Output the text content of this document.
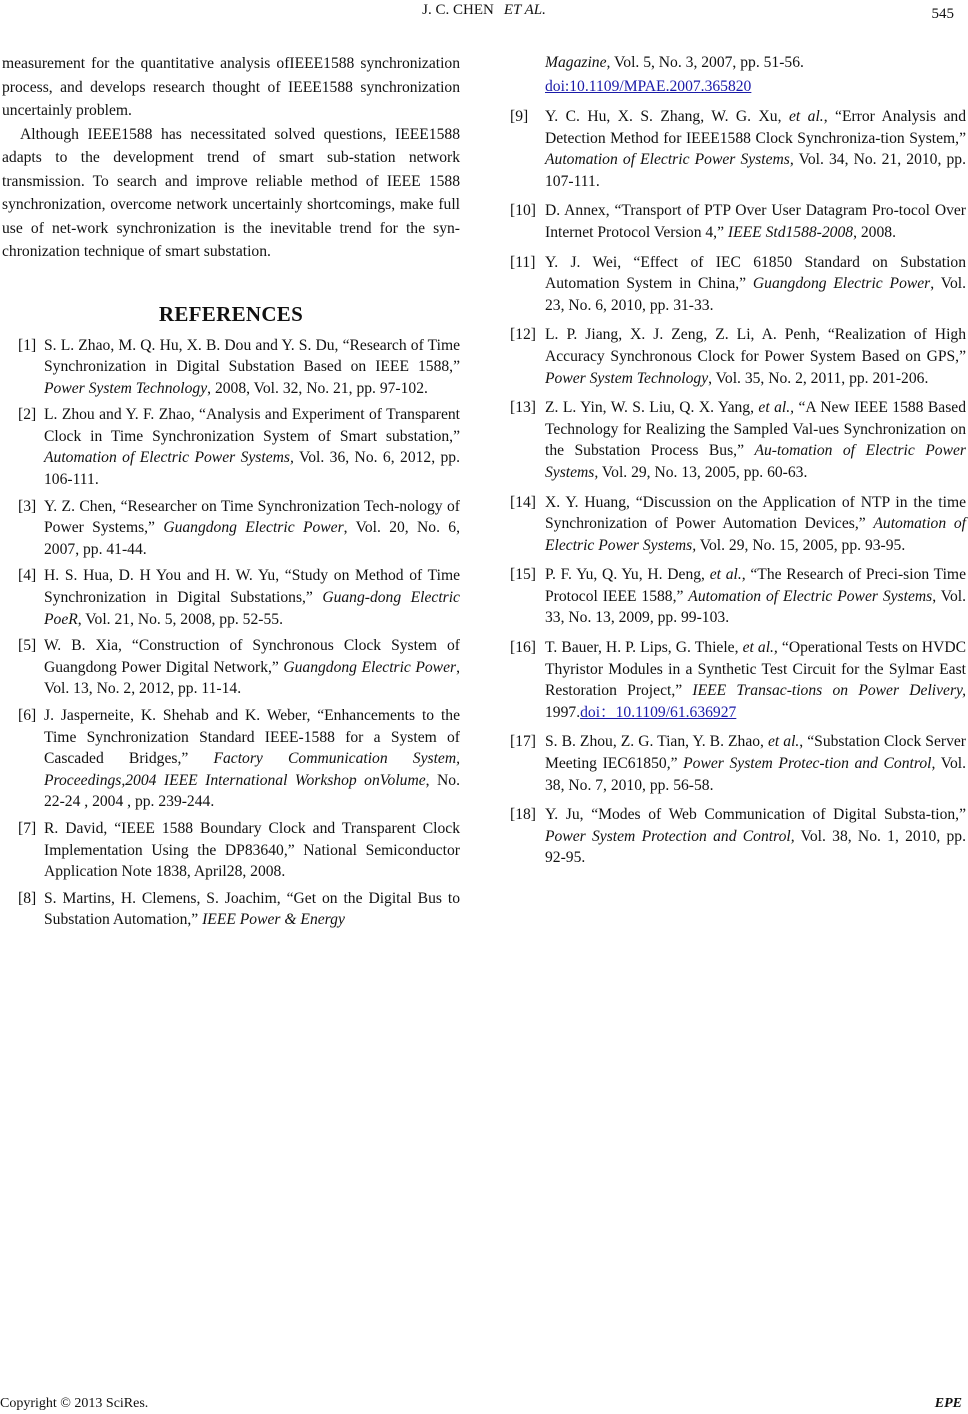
J. C. CHEN ET AL.	545

measurement for the quantitative analysis ofIEEE1588 synchronization process, and develops research thought of IEEE1588 synchronization uncertainly problem.

Although IEEE1588 has necessitated solved questions, IEEE1588 adapts to the development trend of smart sub-station network transmission. To search and improve reliable method of IEEE 1588 synchronization, overcome network uncertainly shortcomings, make full use of net-work synchronization is the inevitable trend for the syn-chronization technique of smart substation.

REFERENCES
[1] S. L. Zhao, M. Q. Hu, X. B. Dou and Y. S. Du, “Research of Time Synchronization in Digital Substation Based on IEEE 1588,” Power System Technology, 2008, Vol. 32, No. 21, pp. 97-102.
[2] L. Zhou and Y. F. Zhao, “Analysis and Experiment of Transparent Clock in Time Synchronization System of Smart substation,” Automation of Electric Power Systems, Vol. 36, No. 6, 2012, pp. 106-111.
[3] Y. Z. Chen, “Researcher on Time Synchronization Tech-nology of Power Systems,” Guangdong Electric Power, Vol. 20, No. 6, 2007, pp. 41-44.
[4] H. S. Hua, D. H You and H. W. Yu, “Study on Method of Time Synchronization in Digital Substations,” Guang-dong Electric PoeR, Vol. 21, No. 5, 2008, pp. 52-55.
[5] W. B. Xia, “Construction of Synchronous Clock System of Guangdong Power Digital Network,” Guangdong Electric Power, Vol. 13, No. 2, 2012, pp. 11-14.
[6] J. Jasperneite, K. Shehab and K. Weber, “Enhancements to the Time Synchronization Standard IEEE-1588 for a System of Cascaded Bridges,” Factory Communication System, Proceedings,2004 IEEE International Workshop onVolume, No. 22-24 , 2004 , pp. 239-244.
[7] R. David, “IEEE 1588 Boundary Clock and Transparent Clock Implementation Using the DP83640,” National Semiconductor Application Note 1838, April28, 2008.
[8] S. Martins, H. Clemens, S. Joachim, “Get on the Digital Bus to Substation Automation,” IEEE Power & Energy
Magazine, Vol. 5, No. 3, 2007, pp. 51-56.
doi:10.1109/MPAE.2007.365820
[9]	Y. C. Hu, X. S. Zhang, W. G. Xu, et al., “Error Analysis and Detection Method for IEEE1588 Clock Synchroniza-tion System,” Automation of Electric Power Systems, Vol. 34, No. 21, 2010, pp. 107-111.
[10] D. Annex, “Transport of PTP Over User Datagram Pro-tocol Over Internet Protocol Version 4,” IEEE Std1588-2008, 2008.
[11] Y. J. Wei, “Effect of IEC 61850 Standard on Substation Automation System in China,” Guangdong Electric Power, Vol. 23, No. 6, 2010, pp. 31-33.
[12] L. P. Jiang, X. J. Zeng, Z. Li, A. Penh, “Realization of High Accuracy Synchronous Clock for Power System Based on GPS,” Power System Technology, Vol. 35, No. 2, 2011, pp. 201-206.
[13] Z. L. Yin, W. S. Liu, Q. X. Yang, et al., “A New IEEE 1588 Based Technology for Realizing the Sampled Val-ues Synchronization on the Substation Process Bus,” Au-tomation of Electric Power Systems, Vol. 29, No. 13, 2005, pp. 60-63.
[14] X. Y. Huang, “Discussion on the Application of NTP in the time Synchronization of Power Automation Devices,” Automation of Electric Power Systems, Vol. 29, No. 15, 2005, pp. 93-95.
[15] P. F. Yu, Q. Yu, H. Deng, et al., “The Research of Preci-sion Time Protocol IEEE 1588,” Automation of Electric Power Systems, Vol. 33, No. 13, 2009, pp. 99-103.
[16] T. Bauer, H. P. Lips, G. Thiele, et al., “Operational Tests on HVDC Thyristor Modules in a Synthetic Test Circuit for the Sylmar East Restoration Project,” IEEE Transac-tions on Power Delivery, 1997.doi：10.1109/61.636927
[17] S. B. Zhou, Z. G. Tian, Y. B. Zhao, et al., “Substation Clock Server Meeting IEC61850,” Power System Protec-tion and Control, Vol. 38, No. 7, 2010, pp. 56-58.
[18] Y. Ju, “Modes of Web Communication of Digital Substa-tion,” Power System Protection and Control, Vol. 38, No. 1, 2010, pp. 92-95.
Copyright © 2013 SciRes.	EPE
